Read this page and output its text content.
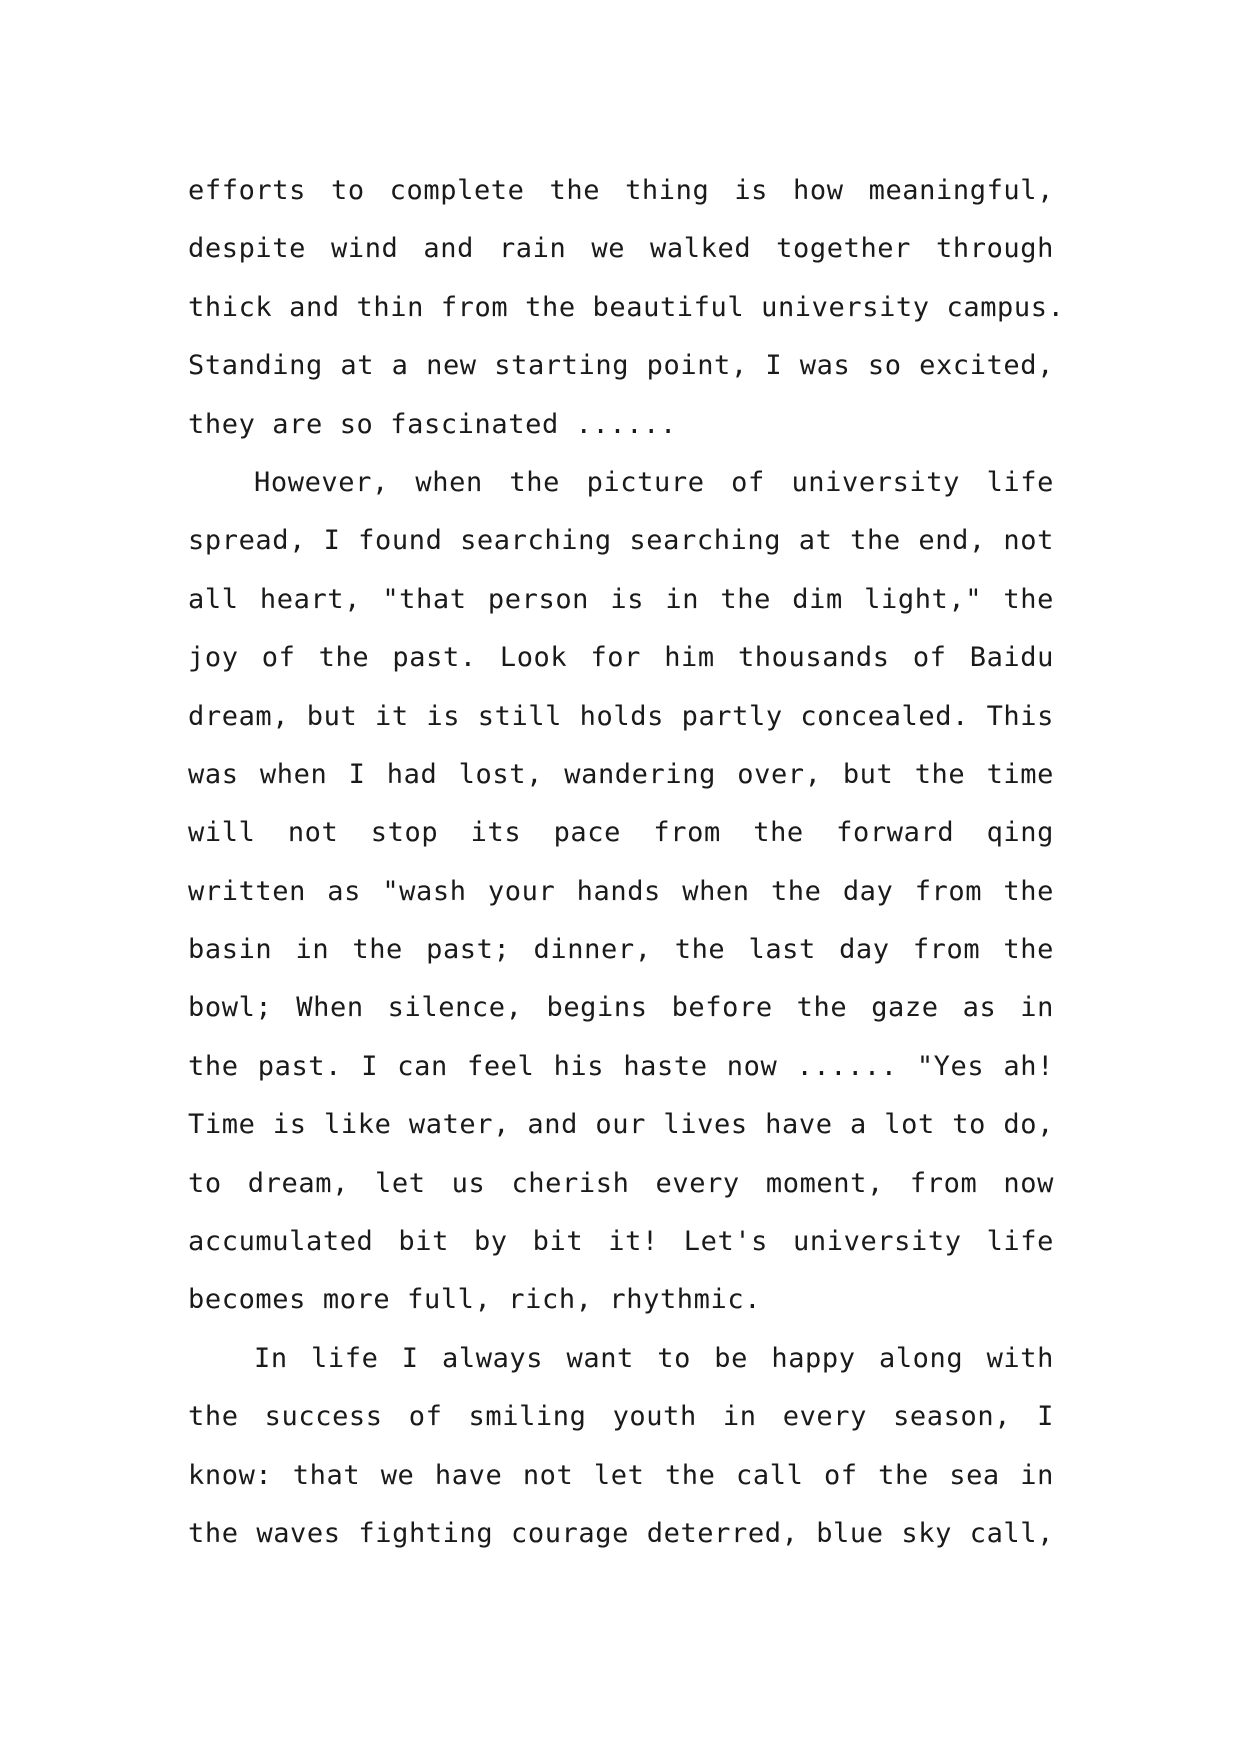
efforts to complete the thing is how meaningful,
despite wind and rain we walked together through
thick and thin from the beautiful university campus.
Standing at a new starting point, I was so excited,
they are so fascinated ......
However, when the picture of university life
spread, I found searching searching at the end, not
all heart, "that person is in the dim light," the
joy of the past. Look for him thousands of Baidu
dream, but it is still holds partly concealed. This
was when I had lost, wandering over, but the time
will not stop its pace from the forward qing
written as "wash your hands when the day from the
basin in the past; dinner, the last day from the
bowl; When silence, begins before the gaze as in
the past. I can feel his haste now ...... "Yes ah!
Time is like water, and our lives have a lot to do,
to dream, let us cherish every moment, from now
accumulated bit by bit it! Let's university life
becomes more full, rich, rhythmic.
In life I always want to be happy along with
the success of smiling youth in every season, I
know: that we have not let the call of the sea in
the waves fighting courage deterred, blue sky call,
